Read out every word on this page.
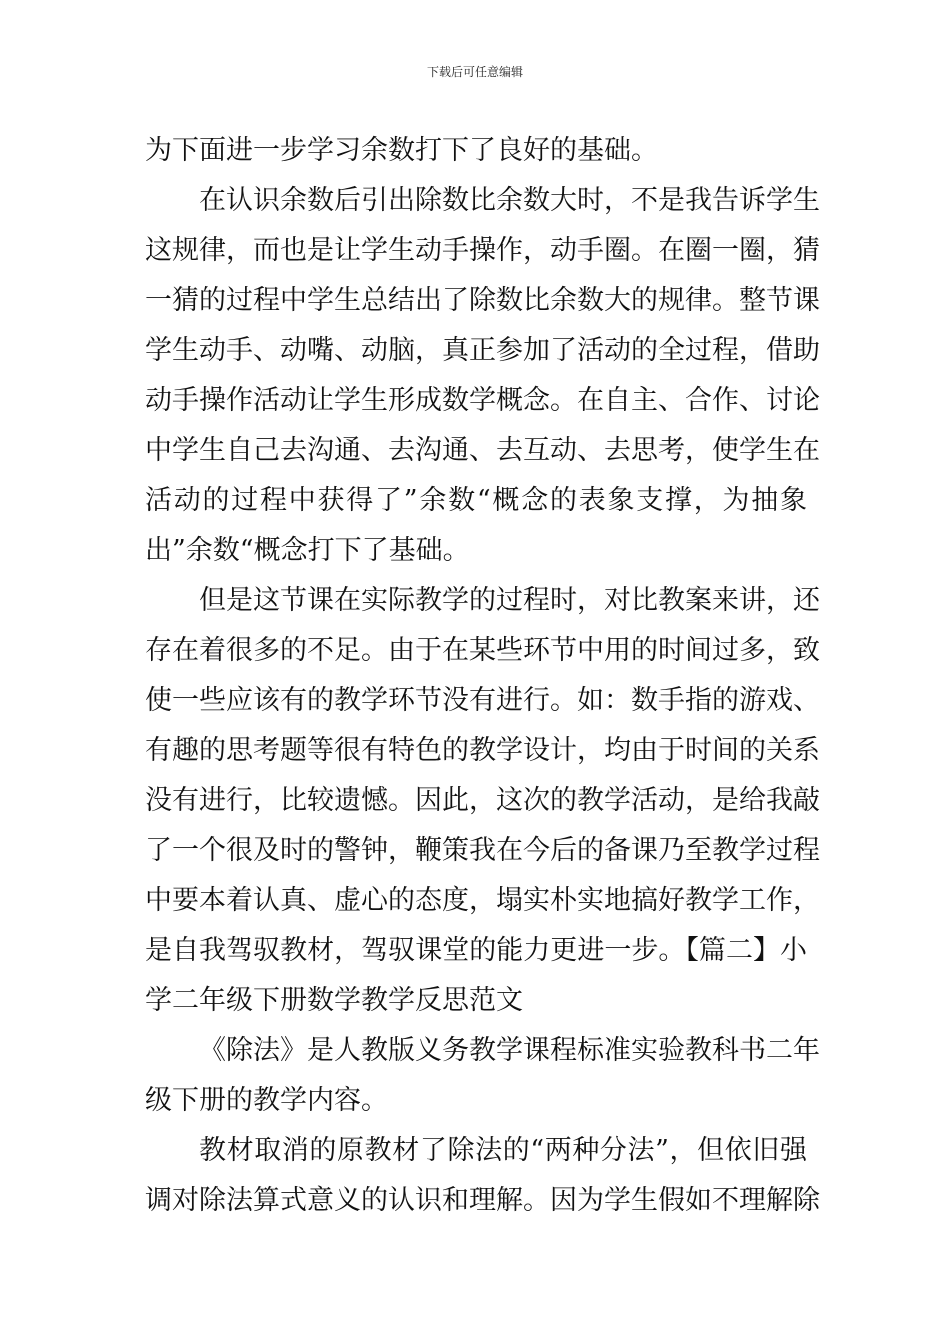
下载后可任意编辑
为下面进一步学习余数打下了良好的基础。
在认识余数后引出除数比余数大时，不是我告诉学生
这规律，而也是让学生动手操作，动手圈。在圈一圈，猜
一猜的过程中学生总结出了除数比余数大的规律。整节课
学生动手、动嘴、动脑，真正参加了活动的全过程，借助
动手操作活动让学生形成数学概念。在自主、合作、讨论
中学生自己去沟通、去沟通、去互动、去思考，使学生在
活动的过程中获得了”余数“概念的表象支撑，为抽象
出”余数“概念打下了基础。
但是这节课在实际教学的过程时，对比教案来讲，还
存在着很多的不足。由于在某些环节中用的时间过多，致
使一些应该有的教学环节没有进行。如：数手指的游戏、
有趣的思考题等很有特色的教学设计，均由于时间的关系
没有进行，比较遗憾。因此，这次的教学活动，是给我敲
了一个很及时的警钟，鞭策我在今后的备课乃至教学过程
中要本着认真、虚心的态度，塌实朴实地搞好教学工作，
是自我驾驭教材，驾驭课堂的能力更进一步。【篇二】小
学二年级下册数学教学反思范文
《除法》是人教版义务教学课程标准实验教科书二年
级下册的教学内容。
教材取消的原教材了除法的“两种分法”，但依旧强
调对除法算式意义的认识和理解。因为学生假如不理解除
